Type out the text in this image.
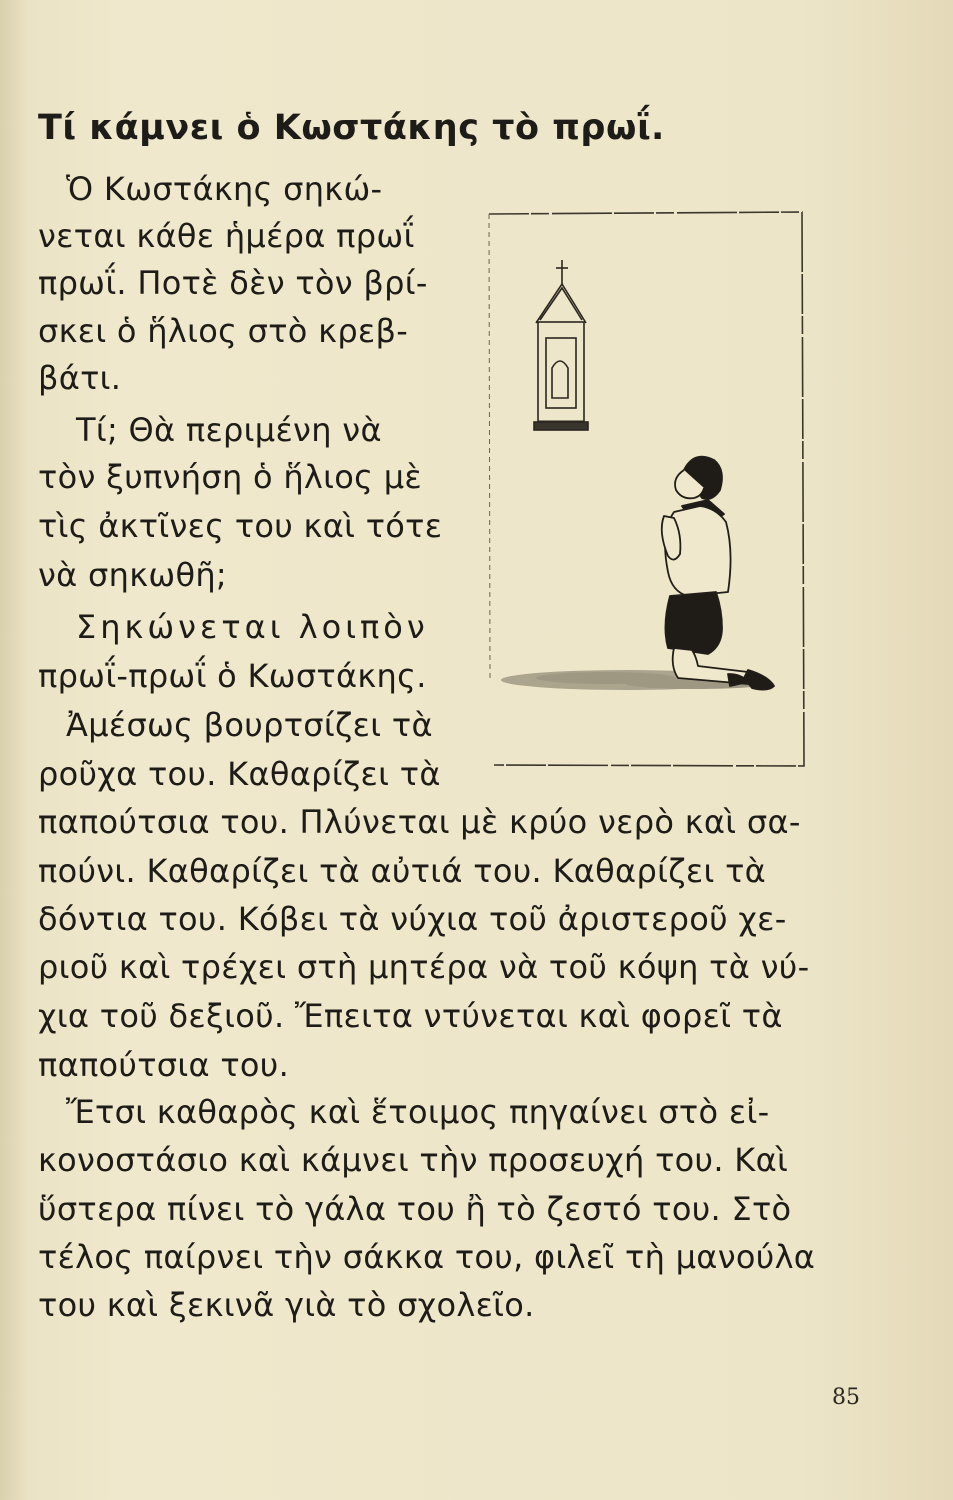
Τί κάμνει ὁ Κωστάκης τὸ πρωΐ.
Ὁ Κωστάκης σηκώ-
νεται κάθε ἡμέρα πρωΐ
πρωΐ. Ποτὲ δὲν τὸν βρί-
σκει ὁ ἥλιος στὸ κρεβ-
βάτι.
Τί; Θὰ περιμένη νὰ
τὸν ξυπνήση ὁ ἥλιος μὲ
τὶς ἀκτῖνες του καὶ τότε
νὰ σηκωθῆ;
Σηκώνεται λοιπὸν
πρωΐ-πρωΐ ὁ Κωστάκης.
Ἀμέσως βουρτσίζει τὰ
ροῦχα του. Καθαρίζει τὰ
παπούτσια του. Πλύνεται μὲ κρύο νερὸ καὶ σα-
πούνι. Καθαρίζει τὰ αὐτιά του. Καθαρίζει τὰ
δόντια του. Κόβει τὰ νύχια τοῦ ἀριστεροῦ χε-
ριοῦ καὶ τρέχει στὴ μητέρα νὰ τοῦ κόψη τὰ νύ-
χια τοῦ δεξιοῦ. Ἔπειτα ντύνεται καὶ φορεῖ τὰ
παπούτσια του.
Ἔτσι καθαρὸς καὶ ἕτοιμος πηγαίνει στὸ εἰ-
κονοστάσιο καὶ κάμνει τὴν προσευχή του. Καὶ
ὕστερα πίνει τὸ γάλα του ἢ τὸ ζεστό του. Στὸ
τέλος παίρνει τὴν σάκκα του, φιλεῖ τὴ μανούλα
του καὶ ξεκινᾶ γιὰ τὸ σχολεῖο.
85
